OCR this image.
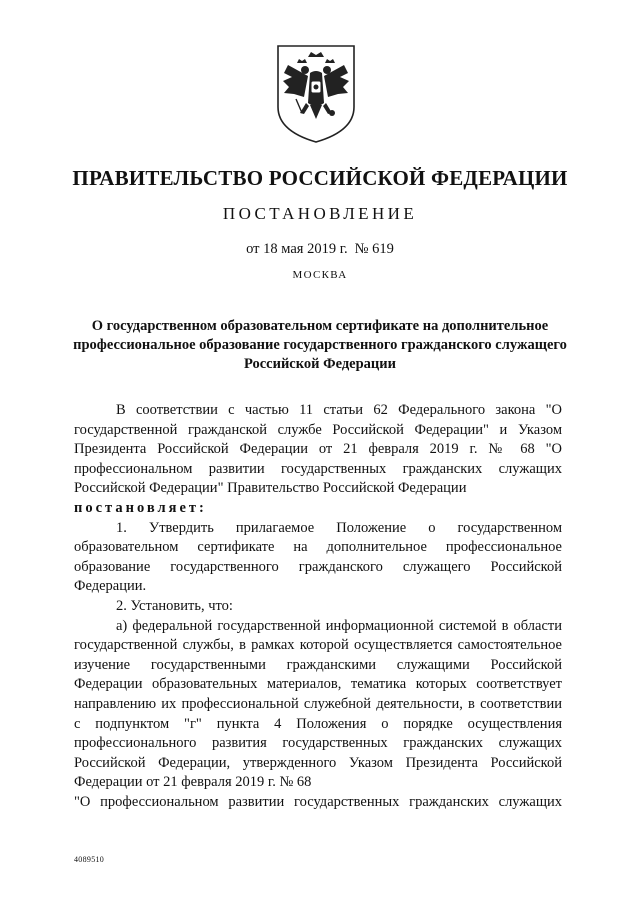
ПРАВИТЕЛЬСТВО РОССИЙСКОЙ ФЕДЕРАЦИИ
ПОСТАНОВЛЕНИЕ
от 18 мая 2019 г. № 619
МОСКВА
О государственном образовательном сертификате на дополнительное профессиональное образование государственного гражданского служащего Российской Федерации

В соответствии с частью 11 статьи 62 Федерального закона "О государственной гражданской службе Российской Федерации" и Указом Президента Российской Федерации от 21 февраля 2019 г. № 68 "О профессиональном развитии государственных гражданских служащих Российской Федерации" Правительство Российской Федерации

постановляет:

1. Утвердить прилагаемое Положение о государственном образовательном сертификате на дополнительное профессиональное образование государственного гражданского служащего Российской Федерации.

2. Установить, что:

а) федеральной государственной информационной системой в области государственной службы, в рамках которой осуществляется самостоятельное изучение государственными гражданскими служащими Российской Федерации образовательных материалов, тематика которых соответствует направлению их профессиональной служебной деятельности, в соответствии с подпунктом "г" пункта 4 Положения о порядке осуществления профессионального развития государственных гражданских служащих Российской Федерации, утвержденного Указом Президента Российской Федерации от 21 февраля 2019 г. № 68

"О профессиональном развитии государственных гражданских служащих

4089510
